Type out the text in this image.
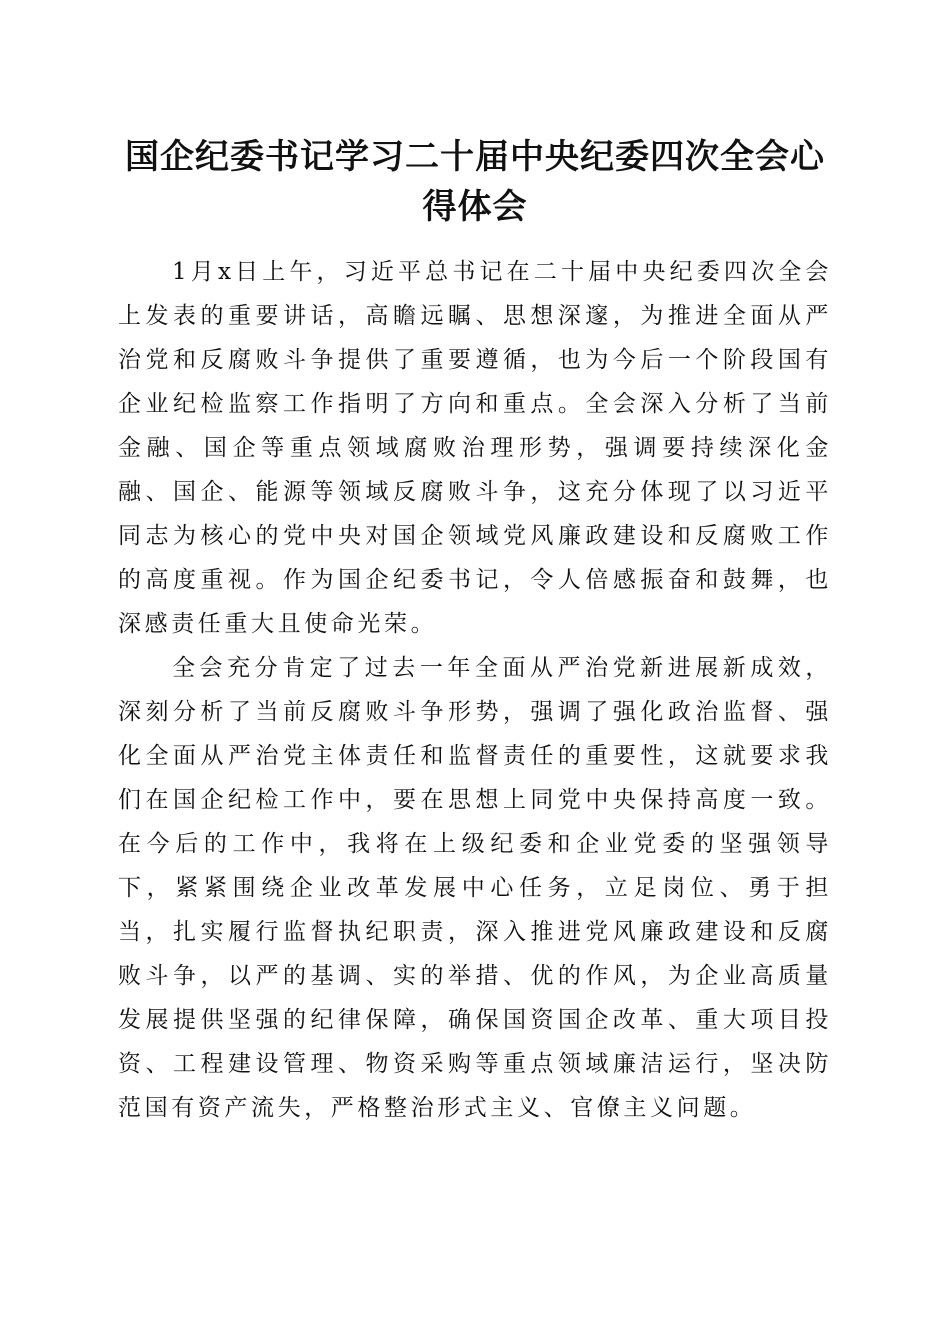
国企纪委书记学习二十届中央纪委四次全会心得体会

1月x日上午，习近平总书记在二十届中央纪委四次全会上发表的重要讲话，高瞻远瞩、思想深邃，为推进全面从严治党和反腐败斗争提供了重要遵循，也为今后一个阶段国有企业纪检监察工作指明了方向和重点。全会深入分析了当前金融、国企等重点领域腐败治理形势，强调要持续深化金融、国企、能源等领域反腐败斗争，这充分体现了以习近平同志为核心的党中央对国企领域党风廉政建设和反腐败工作的高度重视。作为国企纪委书记，令人倍感振奋和鼓舞，也深感责任重大且使命光荣。

全会充分肯定了过去一年全面从严治党新进展新成效，深刻分析了当前反腐败斗争形势，强调了强化政治监督、强化全面从严治党主体责任和监督责任的重要性，这就要求我们在国企纪检工作中，要在思想上同党中央保持高度一致。在今后的工作中，我将在上级纪委和企业党委的坚强领导下，紧紧围绕企业改革发展中心任务，立足岗位、勇于担当，扎实履行监督执纪职责，深入推进党风廉政建设和反腐败斗争，以严的基调、实的举措、优的作风，为企业高质量发展提供坚强的纪律保障，确保国资国企改革、重大项目投资、工程建设管理、物资采购等重点领域廉洁运行，坚决防范国有资产流失，严格整治形式主义、官僚主义问题。
